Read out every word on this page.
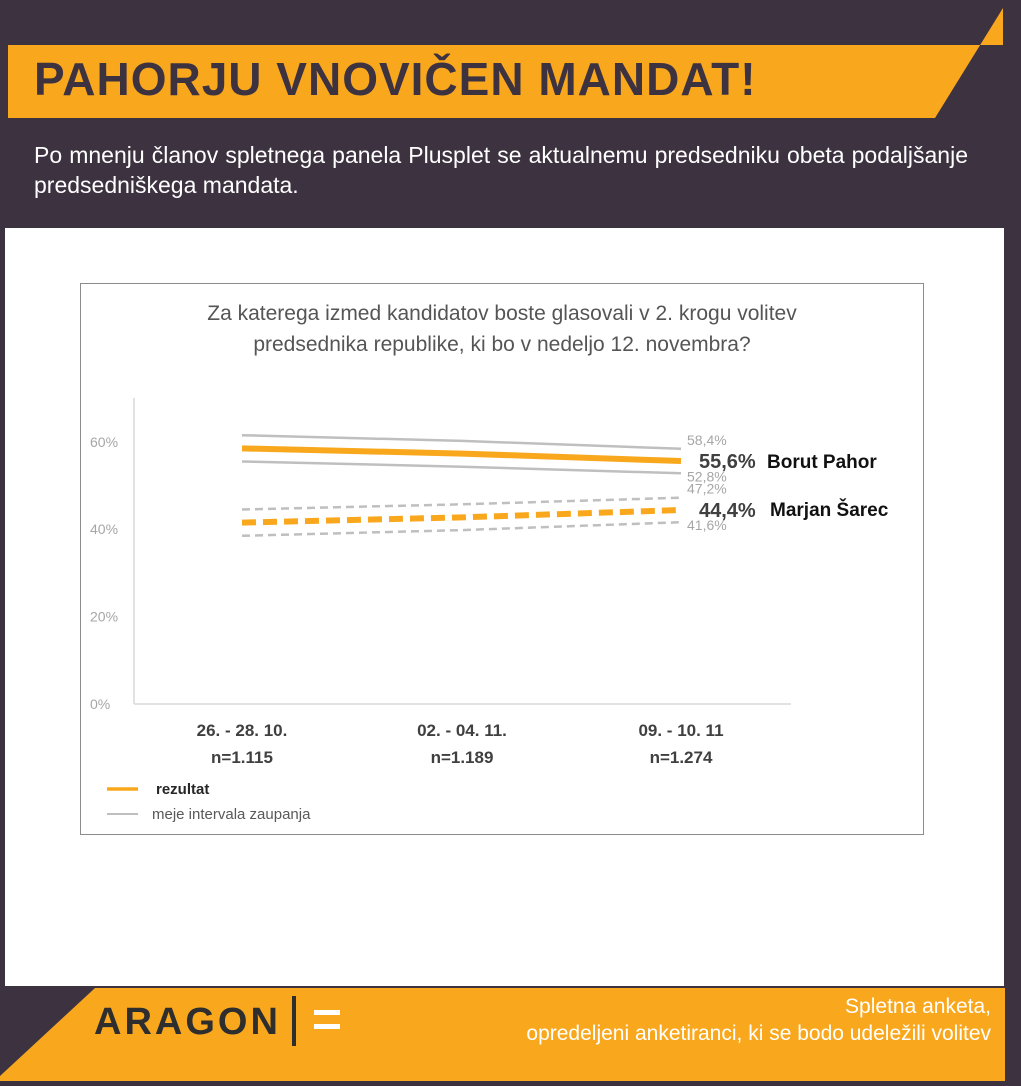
PAHORJU VNOVIČEN MANDAT!

Po mnenju članov spletnega panela Plusplet se aktualnemu predsedniku obeta podaljšanje predsedniškega mandata.

Za katerega izmed kandidatov boste glasovali v 2. krogu volitev
predsednika republike, ki bo v nedeljo 12. novembra?
0%
20%
40%
60%
26. - 28. 10.
n=1.115
02. - 04. 11.
n=1.189
09. - 10. 11
n=1.274
55,6%
58,4%
52,8%
44,4%
47,2%
41,6%
Borut Pahor
Marjan Šarec
rezultat
meje intervala zaupanja
ARAGON	Spletna anketa,
opredeljeni anketiranci, ki se bodo udeležili volitev
